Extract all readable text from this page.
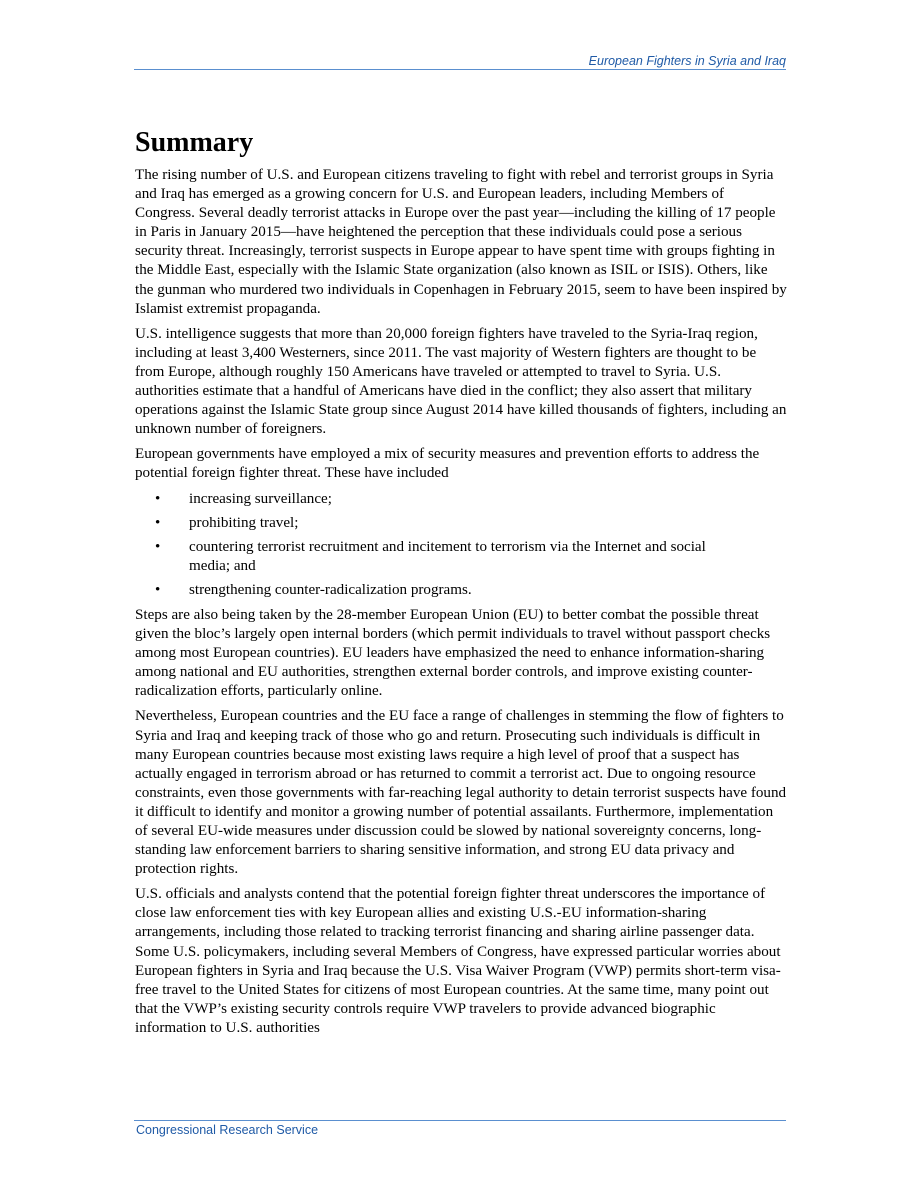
European Fighters in Syria and Iraq
Summary

The rising number of U.S. and European citizens traveling to fight with rebel and terrorist groups in Syria and Iraq has emerged as a growing concern for U.S. and European leaders, including Members of Congress. Several deadly terrorist attacks in Europe over the past year—including the killing of 17 people in Paris in January 2015—have heightened the perception that these individuals could pose a serious security threat. Increasingly, terrorist suspects in Europe appear to have spent time with groups fighting in the Middle East, especially with the Islamic State organization (also known as ISIL or ISIS). Others, like the gunman who murdered two individuals in Copenhagen in February 2015, seem to have been inspired by Islamist extremist propaganda.

U.S. intelligence suggests that more than 20,000 foreign fighters have traveled to the Syria-Iraq region, including at least 3,400 Westerners, since 2011. The vast majority of Western fighters are thought to be from Europe, although roughly 150 Americans have traveled or attempted to travel to Syria. U.S. authorities estimate that a handful of Americans have died in the conflict; they also assert that military operations against the Islamic State group since August 2014 have killed thousands of fighters, including an unknown number of foreigners.

European governments have employed a mix of security measures and prevention efforts to address the potential foreign fighter threat. These have included

• increasing surveillance;
• prohibiting travel;
• countering terrorist recruitment and incitement to terrorism via the Internet and social media; and
• strengthening counter-radicalization programs.

Steps are also being taken by the 28-member European Union (EU) to better combat the possible threat given the bloc’s largely open internal borders (which permit individuals to travel without passport checks among most European countries). EU leaders have emphasized the need to enhance information-sharing among national and EU authorities, strengthen external border controls, and improve existing counter-radicalization efforts, particularly online.

Nevertheless, European countries and the EU face a range of challenges in stemming the flow of fighters to Syria and Iraq and keeping track of those who go and return. Prosecuting such individuals is difficult in many European countries because most existing laws require a high level of proof that a suspect has actually engaged in terrorism abroad or has returned to commit a terrorist act. Due to ongoing resource constraints, even those governments with far-reaching legal authority to detain terrorist suspects have found it difficult to identify and monitor a growing number of potential assailants. Furthermore, implementation of several EU-wide measures under discussion could be slowed by national sovereignty concerns, long-standing law enforcement barriers to sharing sensitive information, and strong EU data privacy and protection rights.

U.S. officials and analysts contend that the potential foreign fighter threat underscores the importance of close law enforcement ties with key European allies and existing U.S.-EU information-sharing arrangements, including those related to tracking terrorist financing and sharing airline passenger data. Some U.S. policymakers, including several Members of Congress, have expressed particular worries about European fighters in Syria and Iraq because the U.S. Visa Waiver Program (VWP) permits short-term visa-free travel to the United States for citizens of most European countries. At the same time, many point out that the VWP’s existing security controls require VWP travelers to provide advanced biographic information to U.S. authorities

Congressional Research Service
